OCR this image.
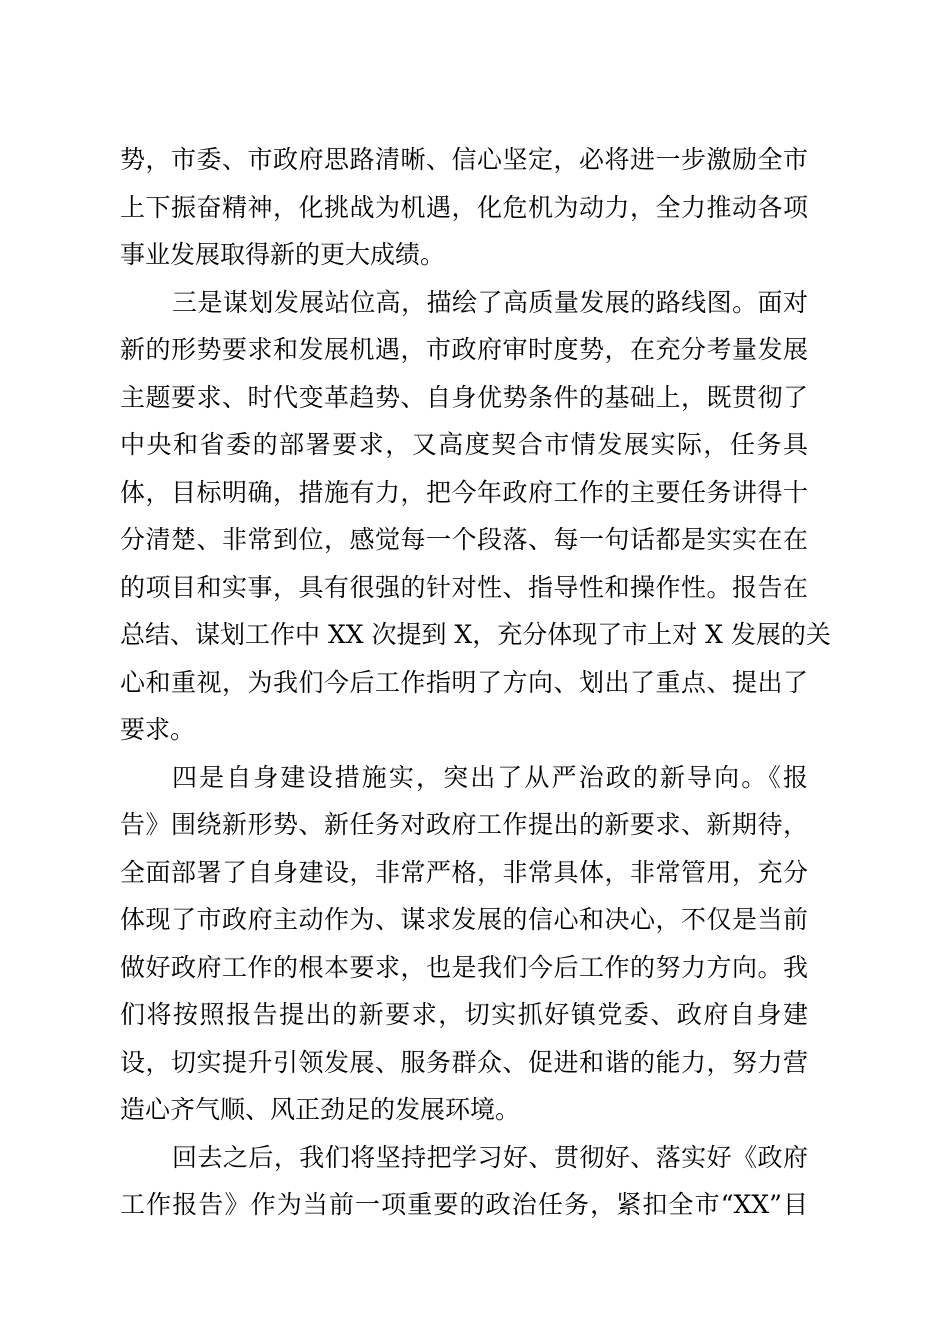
势，市委、市政府思路清晰、信心坚定，必将进一步激励全市
上下振奋精神，化挑战为机遇，化危机为动力，全力推动各项
事业发展取得新的更大成绩。
三是谋划发展站位高，描绘了高质量发展的路线图。面对
新的形势要求和发展机遇，市政府审时度势，在充分考量发展
主题要求、时代变革趋势、自身优势条件的基础上，既贯彻了
中央和省委的部署要求，又高度契合市情发展实际，任务具
体，目标明确，措施有力，把今年政府工作的主要任务讲得十
分清楚、非常到位，感觉每一个段落、每一句话都是实实在在
的项目和实事，具有很强的针对性、指导性和操作性。报告在
总结、谋划工作中 XX 次提到 X，充分体现了市上对 X 发展的关
心和重视，为我们今后工作指明了方向、划出了重点、提出了
要求。
四是自身建设措施实，突出了从严治政的新导向。《报
告》围绕新形势、新任务对政府工作提出的新要求、新期待，
全面部署了自身建设，非常严格，非常具体，非常管用，充分
体现了市政府主动作为、谋求发展的信心和决心，不仅是当前
做好政府工作的根本要求，也是我们今后工作的努力方向。我
们将按照报告提出的新要求，切实抓好镇党委、政府自身建
设，切实提升引领发展、服务群众、促进和谐的能力，努力营
造心齐气顺、风正劲足的发展环境。
回去之后，我们将坚持把学习好、贯彻好、落实好《政府
工作报告》作为当前一项重要的政治任务，紧扣全市“XX”目
